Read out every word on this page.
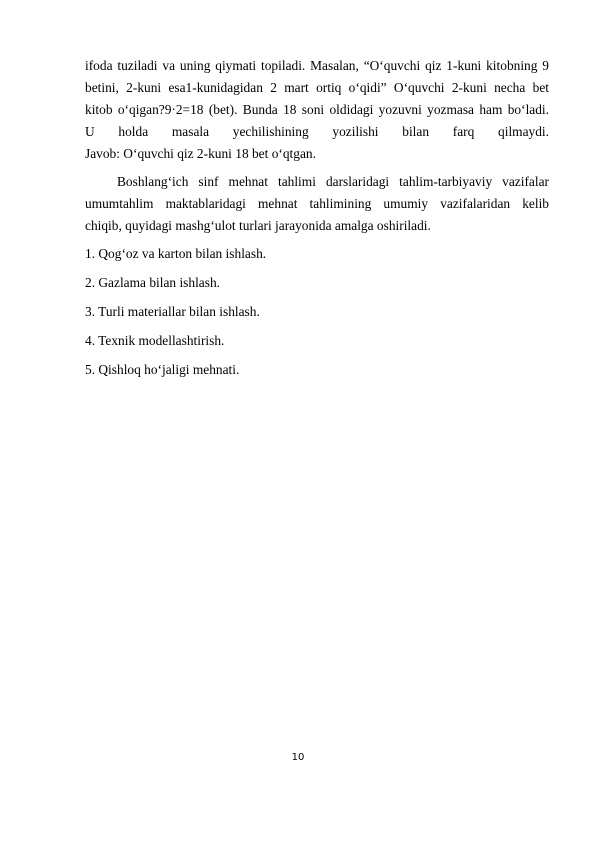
ifoda tuziladi va uning qiymati topiladi. Masalan, “O‘quvchi qiz 1-kuni kitobning 9
betini, 2-kuni esa1-kunidagidan 2 mart ortiq o‘qidi” O‘quvchi 2-kuni necha bet
kitob o‘qigan?9·2=18 (bet). Bunda 18 soni oldidagi yozuvni yozmasa ham bo‘ladi.
U holda masala yechilishining yozilishi bilan farq qilmaydi.
Javob: O‘quvchi qiz 2-kuni 18 bet o‘qtgan.

Boshlang‘ich sinf mehnat tahlimi darslaridagi tahlim-tarbiyaviy vazifalar
umumtahlim maktablaridagi mehnat tahlimining umumiy vazifalaridan kelib
chiqib, quyidagi mashg‘ulot turlari jarayonida amalga oshiriladi.

1. Qog‘oz va karton bilan ishlash.
2. Gazlama bilan ishlash.
3. Turli materiallar bilan ishlash.
4. Texnik modellashtirish.
5. Qishloq ho‘jaligi mehnati.
10
